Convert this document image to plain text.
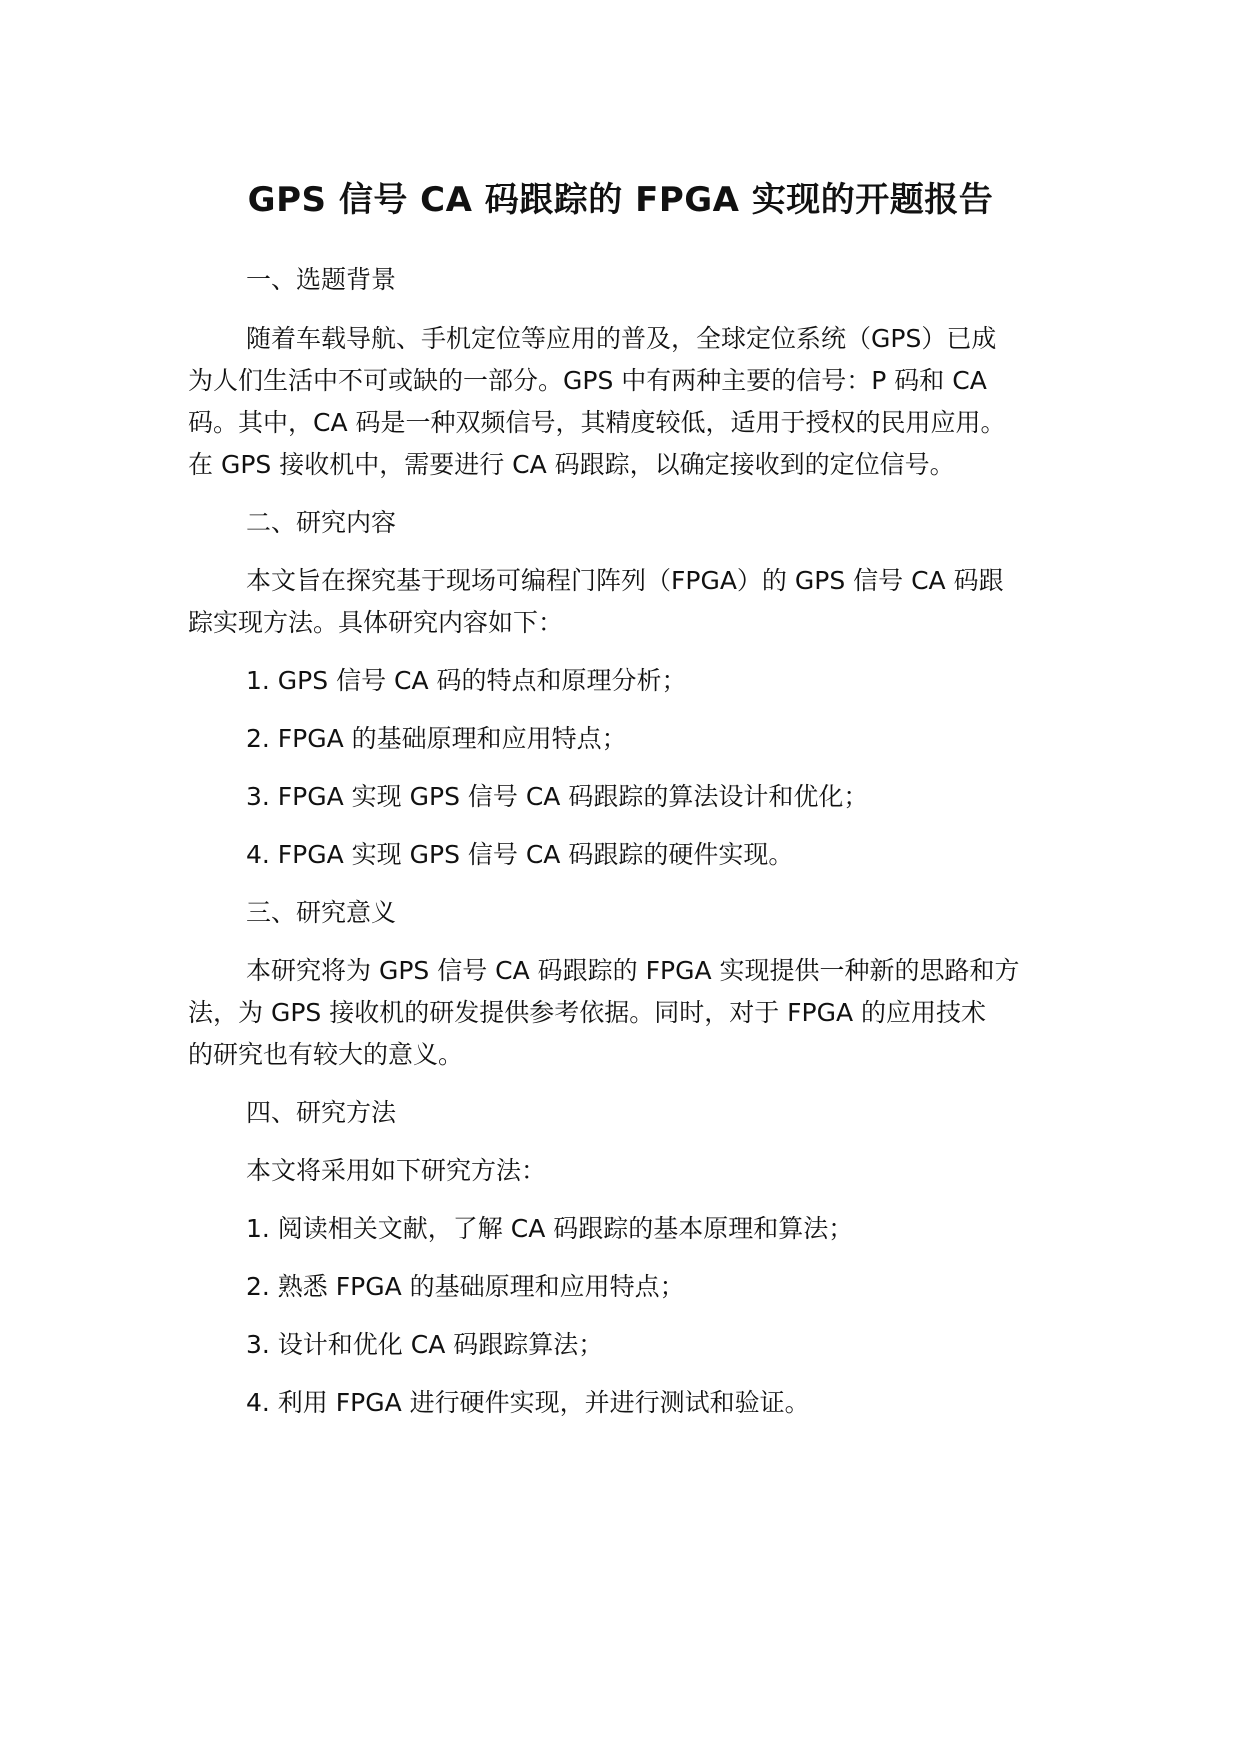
GPS 信号 CA 码跟踪的 FPGA 实现的开题报告
一、选题背景
随着车载导航、手机定位等应用的普及，全球定位系统（GPS）已成
为人们生活中不可或缺的一部分。GPS 中有两种主要的信号：P 码和 CA
码。其中，CA 码是一种双频信号，其精度较低，适用于授权的民用应用。
在 GPS 接收机中，需要进行 CA 码跟踪，以确定接收到的定位信号。
二、研究内容
本文旨在探究基于现场可编程门阵列（FPGA）的 GPS 信号 CA 码跟
踪实现方法。具体研究内容如下：
1. GPS 信号 CA 码的特点和原理分析；
2. FPGA 的基础原理和应用特点；
3. FPGA 实现 GPS 信号 CA 码跟踪的算法设计和优化；
4. FPGA 实现 GPS 信号 CA 码跟踪的硬件实现。
三、研究意义
本研究将为 GPS 信号 CA 码跟踪的 FPGA 实现提供一种新的思路和方
法，为 GPS 接收机的研发提供参考依据。同时，对于 FPGA 的应用技术
的研究也有较大的意义。
四、研究方法
本文将采用如下研究方法：
1. 阅读相关文献，了解 CA 码跟踪的基本原理和算法；
2. 熟悉 FPGA 的基础原理和应用特点；
3. 设计和优化 CA 码跟踪算法；
4. 利用 FPGA 进行硬件实现，并进行测试和验证。
